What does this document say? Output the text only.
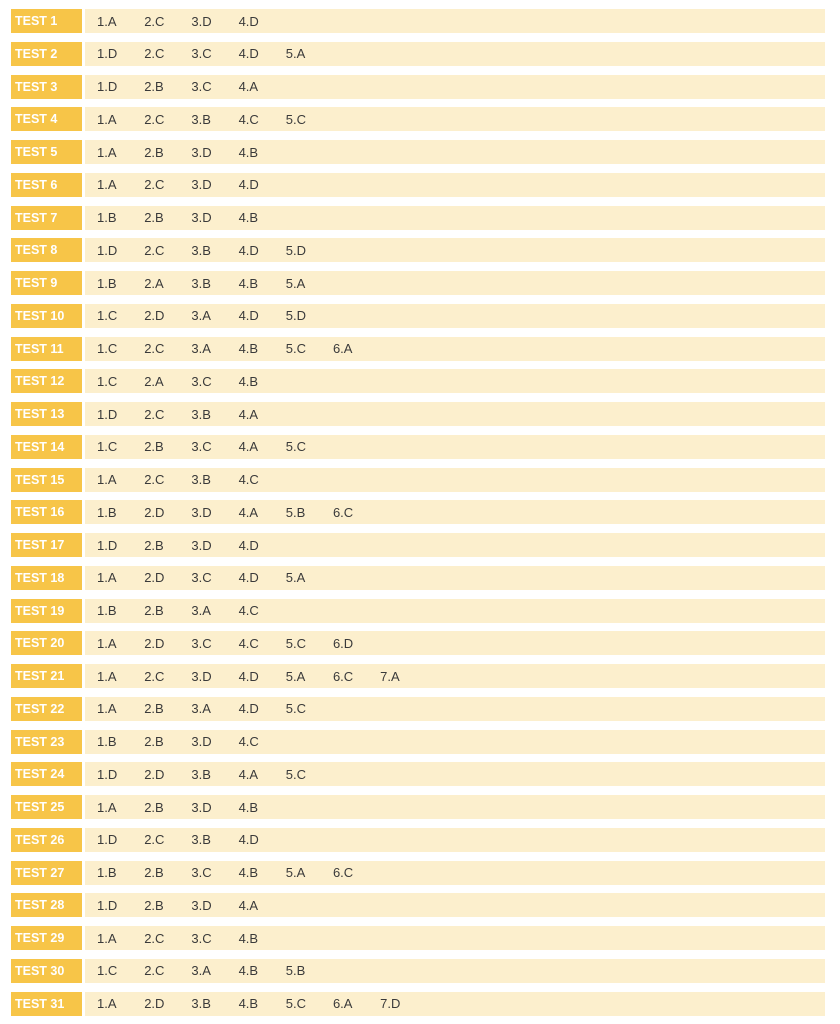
TEST 1	1.A	2.C	3.D	4.D
TEST 2	1.D	2.C	3.C	4.D	5.A
TEST 3	1.D	2.B	3.C	4.A
TEST 4	1.A	2.C	3.B	4.C	5.C
TEST 5	1.A	2.B	3.D	4.B
TEST 6	1.A	2.C	3.D	4.D
TEST 7	1.B	2.B	3.D	4.B
TEST 8	1.D	2.C	3.B	4.D	5.D
TEST 9	1.B	2.A	3.B	4.B	5.A
TEST 10	1.C	2.D	3.A	4.D	5.D
TEST 11	1.C	2.C	3.A	4.B	5.C	6.A
TEST 12	1.C	2.A	3.C	4.B
TEST 13	1.D	2.C	3.B	4.A
TEST 14	1.C	2.B	3.C	4.A	5.C
TEST 15	1.A	2.C	3.B	4.C
TEST 16	1.B	2.D	3.D	4.A	5.B	6.C
TEST 17	1.D	2.B	3.D	4.D
TEST 18	1.A	2.D	3.C	4.D	5.A
TEST 19	1.B	2.B	3.A	4.C
TEST 20	1.A	2.D	3.C	4.C	5.C	6.D
TEST 21	1.A	2.C	3.D	4.D	5.A	6.C	7.A
TEST 22	1.A	2.B	3.A	4.D	5.C
TEST 23	1.B	2.B	3.D	4.C
TEST 24	1.D	2.D	3.B	4.A	5.C
TEST 25	1.A	2.B	3.D	4.B
TEST 26	1.D	2.C	3.B	4.D
TEST 27	1.B	2.B	3.C	4.B	5.A	6.C
TEST 28	1.D	2.B	3.D	4.A
TEST 29	1.A	2.C	3.C	4.B
TEST 30	1.C	2.C	3.A	4.B	5.B
TEST 31	1.A	2.D	3.B	4.B	5.C	6.A	7.D
